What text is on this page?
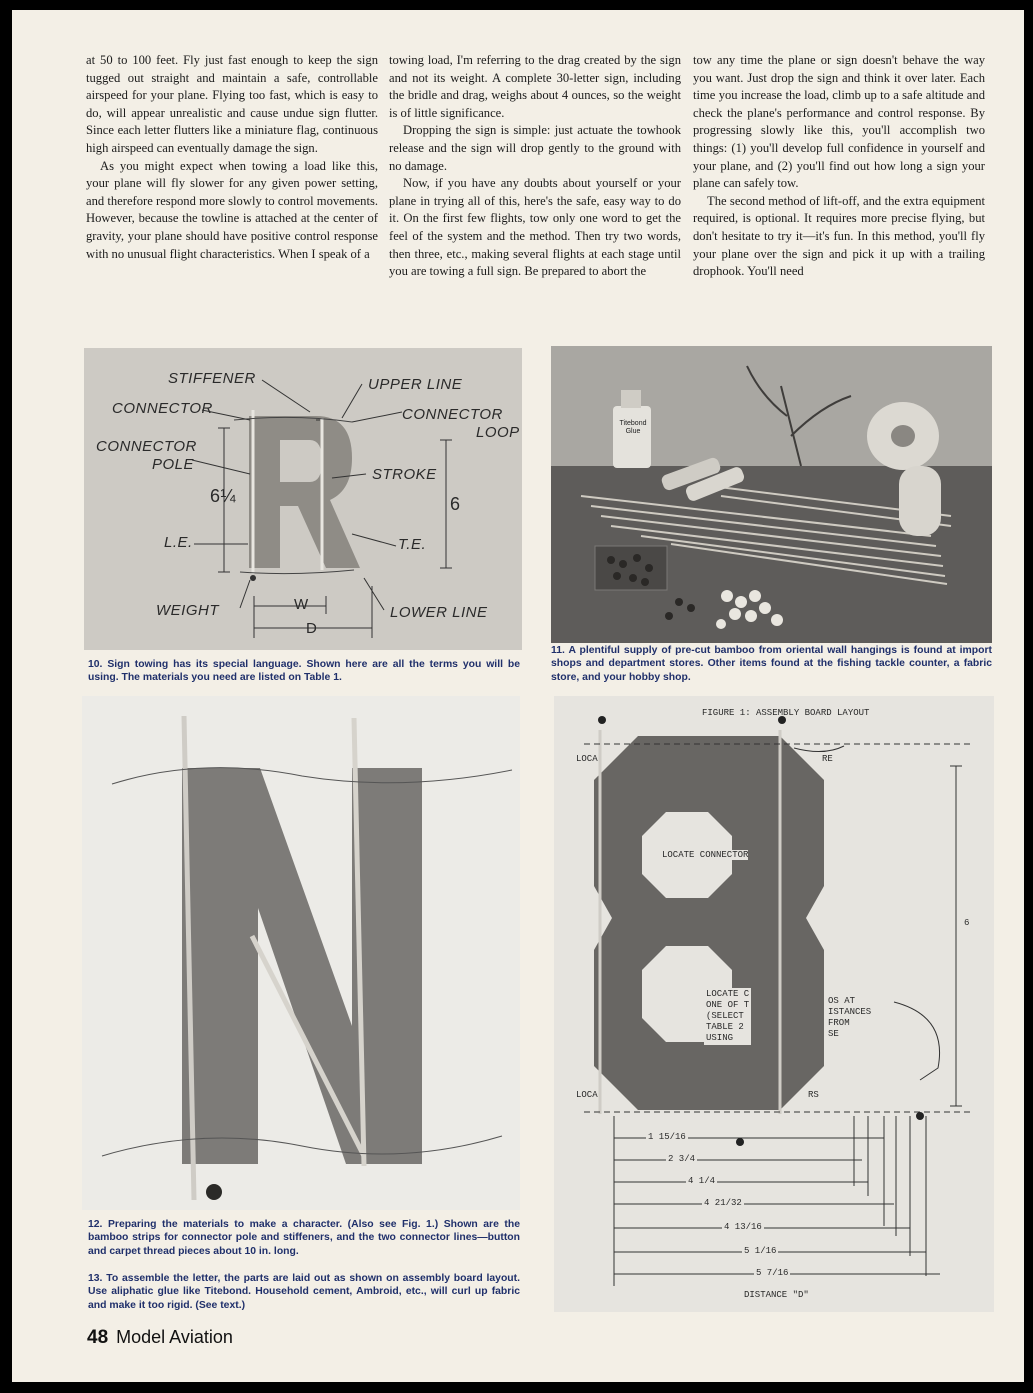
at 50 to 100 feet. Fly just fast enough to keep the sign tugged out straight and maintain a safe, controllable airspeed for your plane. Flying too fast, which is easy to do, will appear unrealistic and cause undue sign flutter. Since each letter flutters like a miniature flag, continuous high airspeed can eventually damage the sign.

As you might expect when towing a load like this, your plane will fly slower for any given power setting, and therefore respond more slowly to control movements. However, because the towline is attached at the center of gravity, your plane should have positive control response with no unusual flight characteristics. When I speak of a

towing load, I'm referring to the drag created by the sign and not its weight. A complete 30-letter sign, including the bridle and drag, weighs about 4 ounces, so the weight is of little significance.

Dropping the sign is simple: just actuate the towhook release and the sign will drop gently to the ground with no damage.

Now, if you have any doubts about yourself or your plane in trying all of this, here's the safe, easy way to do it. On the first few flights, tow only one word to get the feel of the system and the method. Then try two words, then three, etc., making several flights at each stage until you are towing a full sign. Be prepared to abort the

tow any time the plane or sign doesn't behave the way you want. Just drop the sign and think it over later. Each time you increase the load, climb up to a safe altitude and check the plane's performance and control response. By progressing slowly like this, you'll accomplish two things: (1) you'll develop full confidence in yourself and your plane, and (2) you'll find out how long a sign your plane can safely tow.

The second method of lift-off, and the extra equipment required, is optional. It requires more precise flying, but don't hesitate to try it—it's fun. In this method, you'll fly your plane over the sign and pick it up with a trailing drophook. You'll need

STIFFENER	UPPER LINE
CONNECTOR	CONNECTOR
LOOP
CONNECTOR
POLE
STROKE
6¼	6
L.E.	T.E.
WEIGHT	W
D
LOWER LINE

10. Sign towing has its special language. Shown here are all the terms you will be using. The materials you need are listed on Table 1.

Titebond
Glue

11. A plentiful supply of pre-cut bamboo from oriental wall hangings is found at import shops and department stores. Other items found at the fishing tackle counter, a fabric store, and your hobby shop.

12. Preparing the materials to make a character. (Also see Fig. 1.) Shown are the bamboo strips for connector pole and stiffeners, and the two connector lines—button and carpet thread pieces about 10 in. long.

13. To assemble the letter, the parts are laid out as shown on assembly board layout. Use aliphatic glue like Titebond. Household cement, Ambroid, etc., will curl up fabric and make it too rigid. (See text.)

FIGURE 1: ASSEMBLY BOARD LAYOUT
LOCATE CONNECTOR
LOCA	RE
LOCATE C
ONE OF T
(SELECT
TABLE 2
USING
OS AT
ISTANCES
FROM
SE
LOCA	RS
6
1 15/16
2 3/4
4 1/4
4 21/32
4 13/16
5 1/16
5 7/16
DISTANCE "D"
48 Model Aviation
